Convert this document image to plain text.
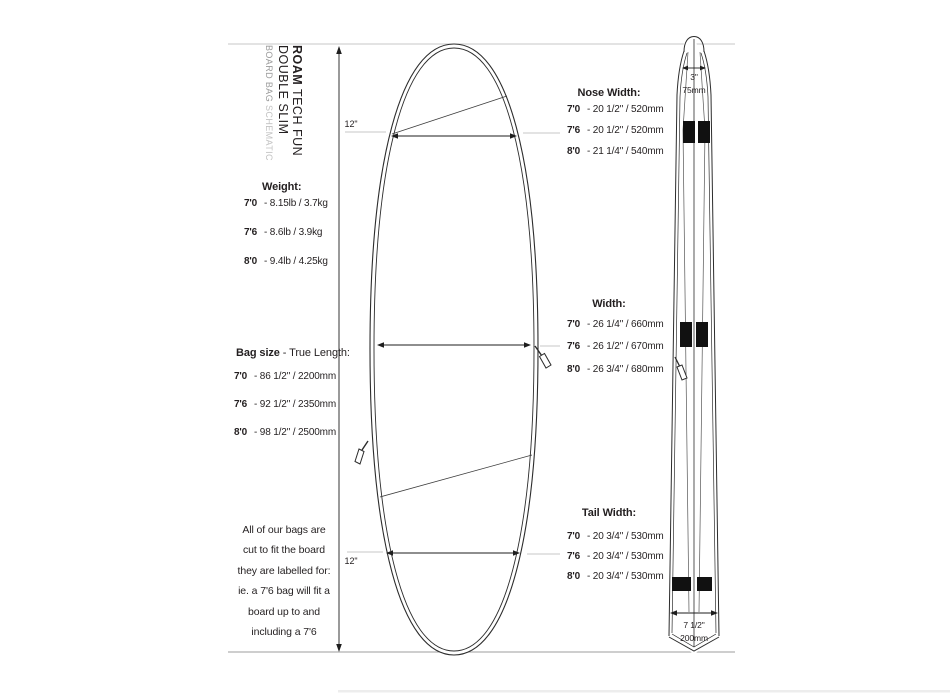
ROAM TECH FUN
DOUBLE SLIM
BOARD BAG SCHEMATIC
Weight:
7'0 - 8.15lb / 3.7kg
7'6 - 8.6lb / 3.9kg
8'0 - 9.4lb / 4.25kg
Bag size - True Length:
7'0 - 86 1/2" / 2200mm
7'6 - 92 1/2" / 2350mm
8'0 - 98 1/2" / 2500mm
All of our bags are
cut to fit the board
they are labelled for:
ie. a 7'6 bag will fit a
board up to and
including a 7'6
Nose Width:
7'0 - 20 1/2" / 520mm
7'6 - 20 1/2" / 520mm
8'0 - 21 1/4" / 540mm
Width:
7'0 - 26 1/4" / 660mm
7'6 - 26 1/2" / 670mm
8'0 - 26 3/4" / 680mm
Tail Width:
7'0 - 20 3/4" / 530mm
7'6 - 20 3/4" / 530mm
8'0 - 20 3/4" / 530mm
12"
12"
3"
75mm
7 1/2"
200mm
